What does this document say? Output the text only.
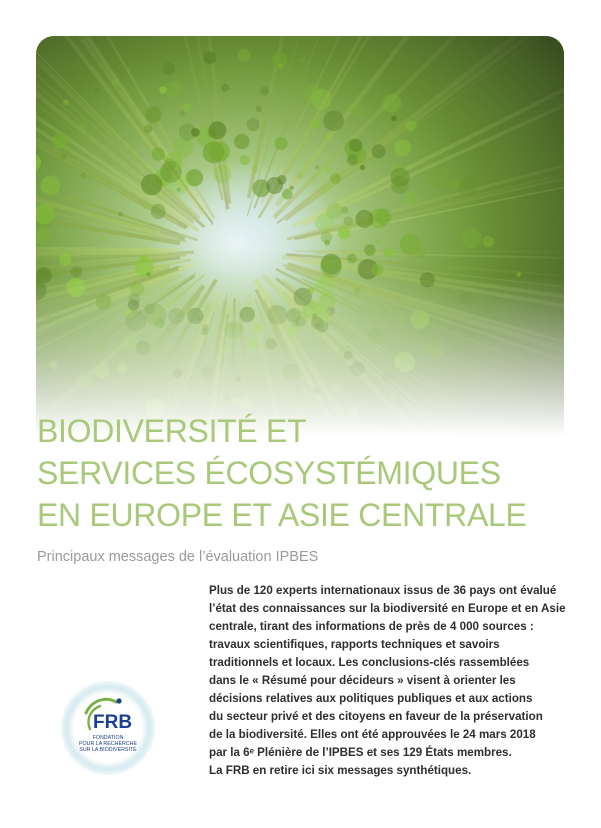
BIODIVERSITÉ ET
SERVICES ÉCOSYSTÉMIQUES
EN EUROPE ET ASIE CENTRALE

Principaux messages de l’évaluation IPBES

Plus de 120 experts internationaux issus de 36 pays ont évalué
l’état des connaissances sur la biodiversité en Europe et en Asie
centrale, tirant des informations de près de 4 000 sources :
travaux scientifiques, rapports techniques et savoirs
traditionnels et locaux. Les conclusions-clés rassemblées
dans le « Résumé pour décideurs » visent à orienter les
décisions relatives aux politiques publiques et aux actions
du secteur privé et des citoyens en faveur de la préservation
de la biodiversité. Elles ont été approuvées le 24 mars 2018
par la 6ᵉ Plénière de l’IPBES et ses 129 États membres.
La FRB en retire ici six messages synthétiques.
FRB
FONDATION
POUR LA RECHERCHE
SUR LA BIODIVERSITÉ
